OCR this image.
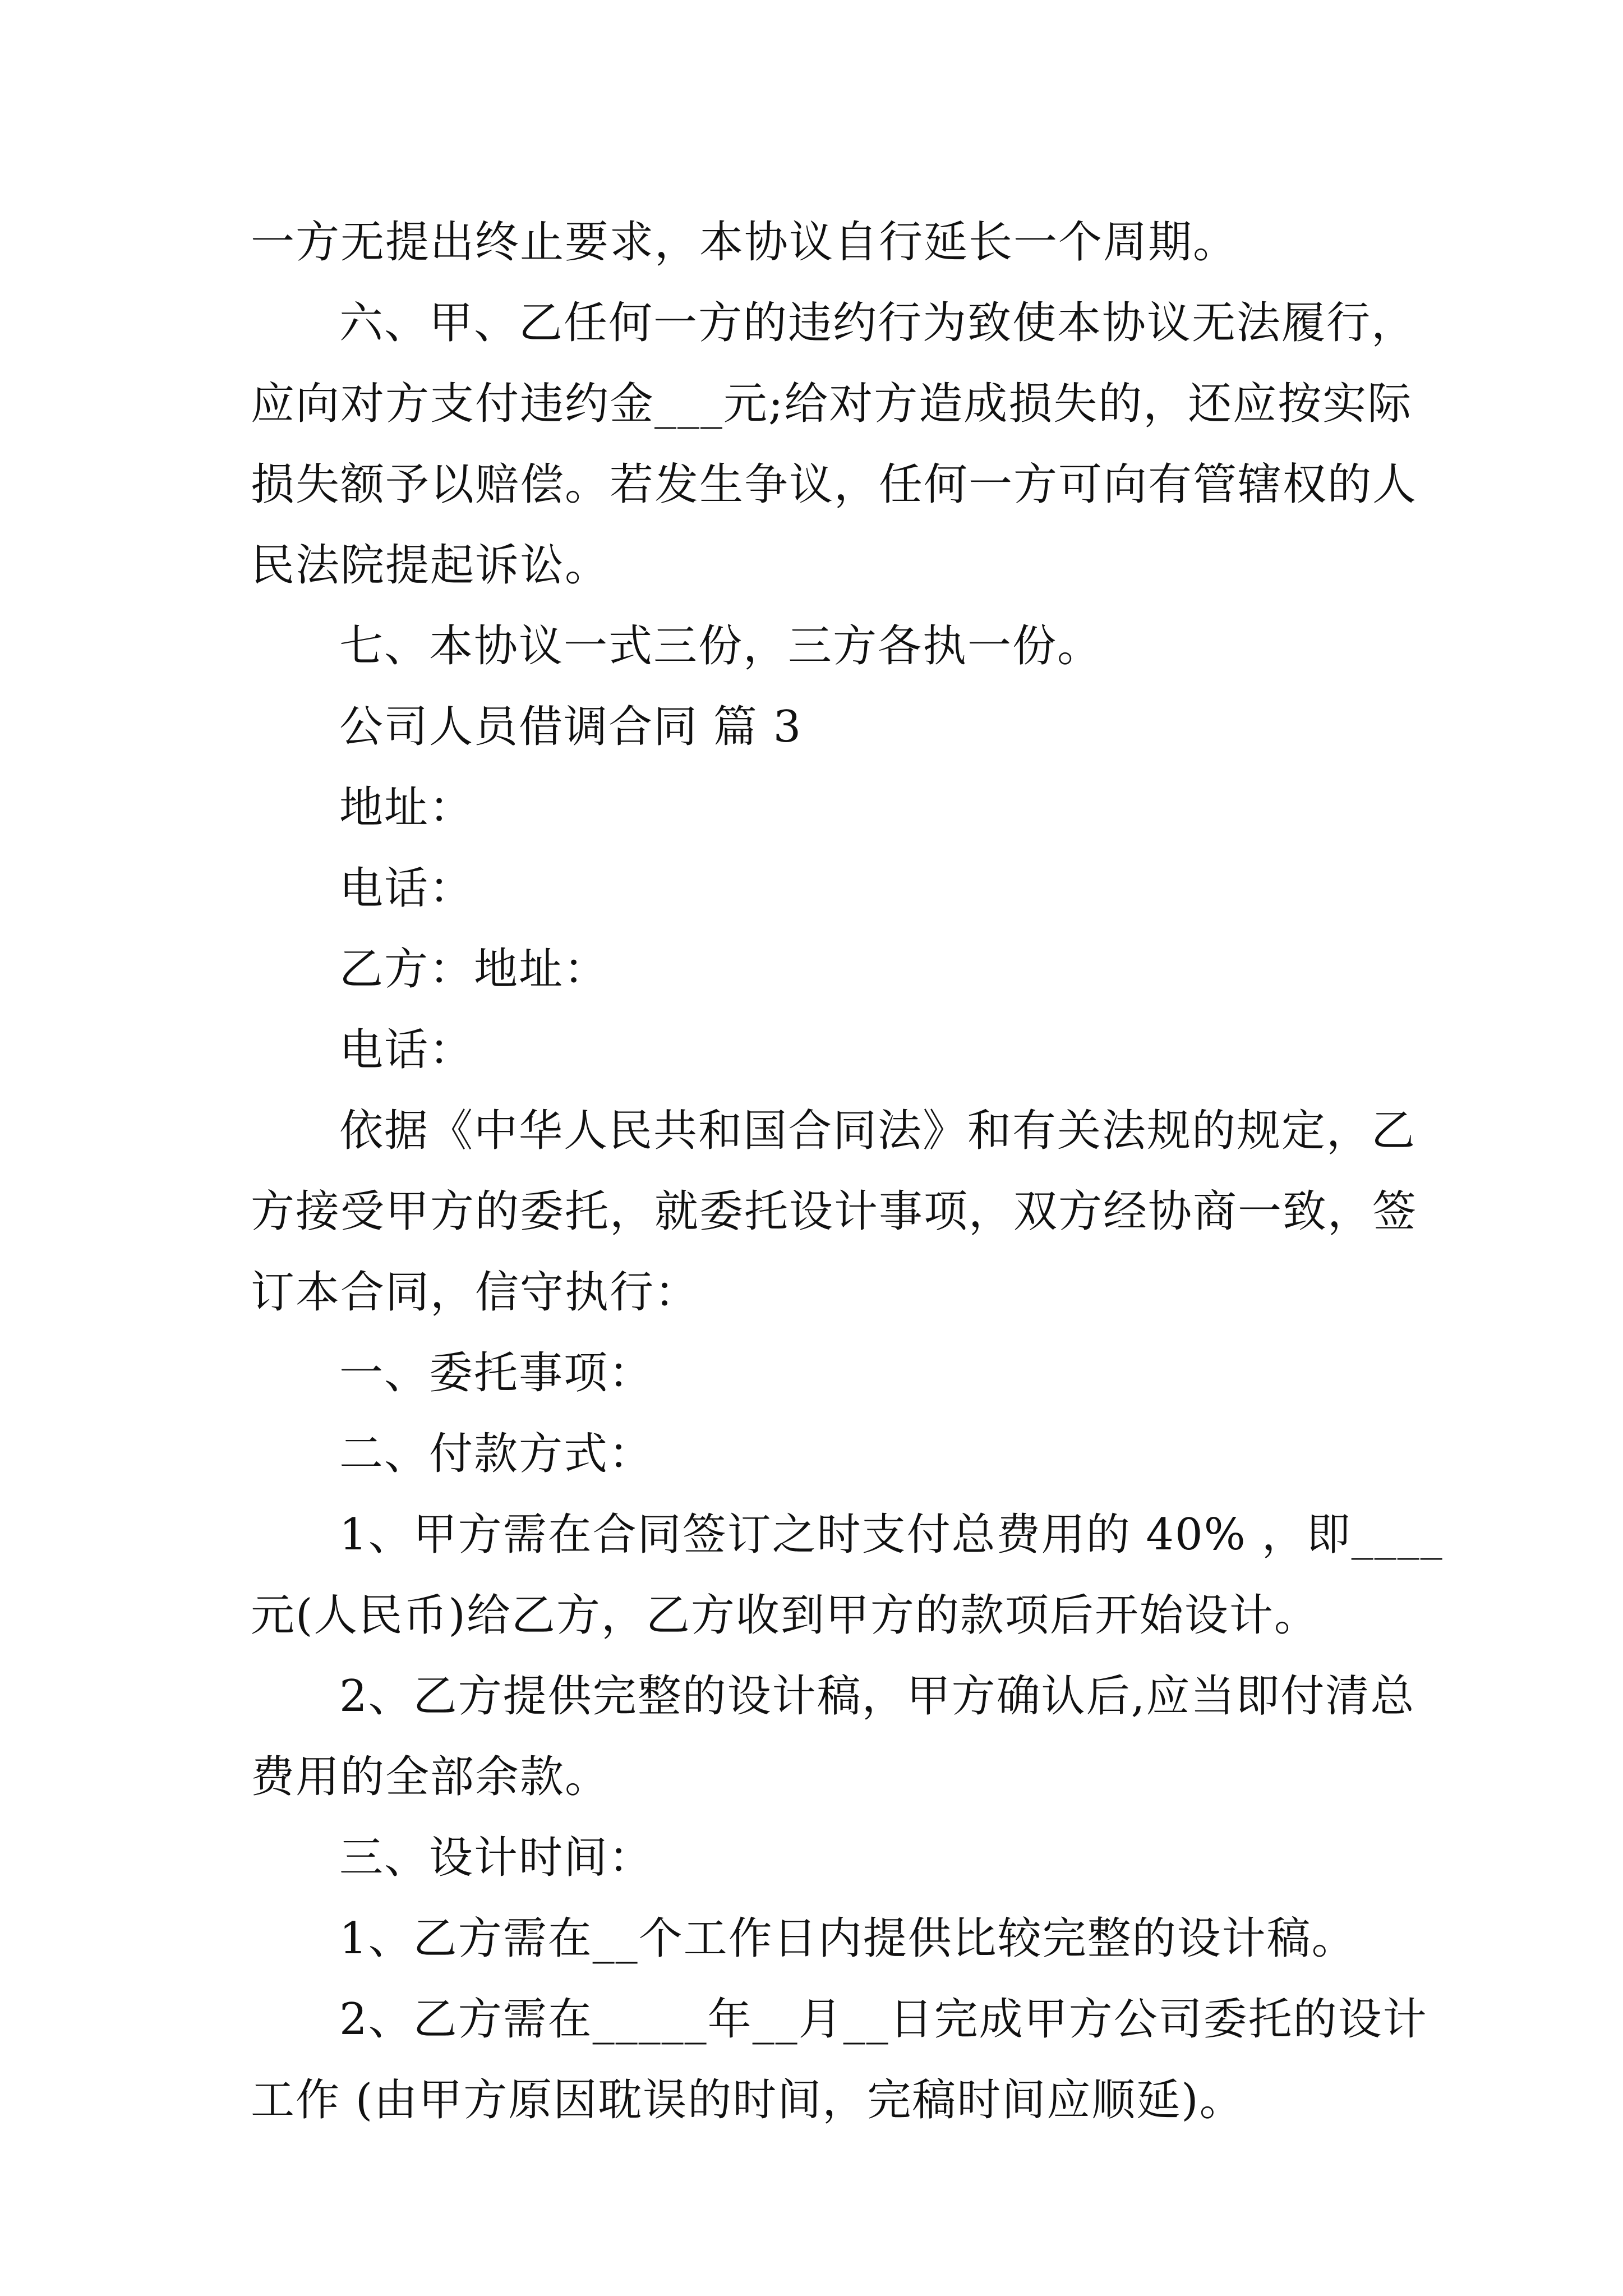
一方无提出终止要求，本协议自行延长一个周期。
六、甲、乙任何一方的违约行为致使本协议无法履行，
应向对方支付违约金___元;给对方造成损失的，还应按实际
损失额予以赔偿。若发生争议，任何一方可向有管辖权的人
民法院提起诉讼。
七、本协议一式三份，三方各执一份。
公司人员借调合同 篇 3
地址：
电话：
乙方：地址：
电话：
依据《中华人民共和国合同法》和有关法规的规定，乙
方接受甲方的委托，就委托设计事项，双方经协商一致，签
订本合同，信守执行：
一、委托事项：
二、付款方式：
1、甲方需在合同签订之时支付总费用的 40% ，即____
元(人民币)给乙方，乙方收到甲方的款项后开始设计。
2、乙方提供完整的设计稿，甲方确认后,应当即付清总
费用的全部余款。
三、设计时间：
1、乙方需在__个工作日内提供比较完整的设计稿。
2、乙方需在_____年__月__日完成甲方公司委托的设计
工作 (由甲方原因耽误的时间，完稿时间应顺延)。
